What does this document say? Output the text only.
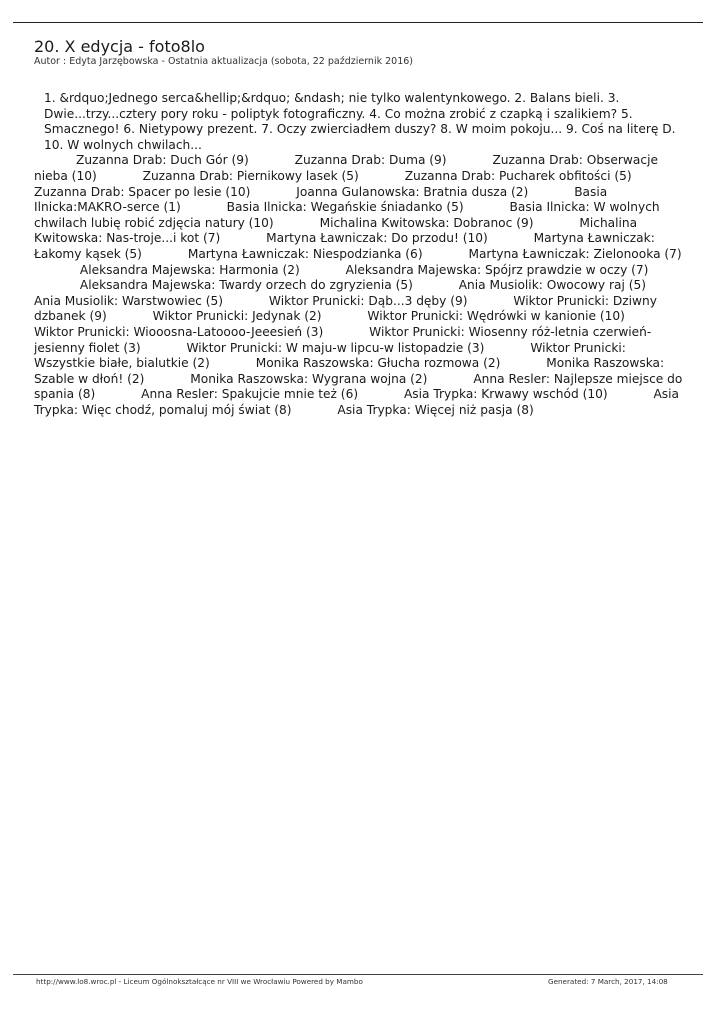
20. X edycja - foto8lo
Autor : Edyta Jarzębowska - Ostatnia aktualizacja (sobota, 22 październik 2016)

1. &rdquo;Jednego serca&hellip;&rdquo; &ndash; nie tylko walentynkowego. 2. Balans bieli. 3. Dwie...trzy...cztery pory roku - poliptyk fotograficzny. 4. Co można zrobić z czapką i szalikiem? 5. Smacznego! 6. Nietypowy prezent. 7. Oczy zwierciadłem duszy? 8. W moim pokoju... 9. Coś na literę D. 10. W wolnych chwilach...

Zuzanna Drab: Duch Gór (9)	Zuzanna Drab: Duma (9)	Zuzanna Drab: Obserwacje nieba (10)	Zuzanna Drab: Piernikowy lasek (5)	Zuzanna Drab: Pucharek obfitości (5) Zuzanna Drab: Spacer po lesie (10)	Joanna Gulanowska: Bratnia dusza (2)	Basia Ilnicka:MAKRO-serce (1)	Basia Ilnicka: Wegańskie śniadanko (5)	Basia Ilnicka: W wolnych chwilach lubię robić zdjęcia natury (10)	Michalina Kwitowska: Dobranoc (9)	Michalina Kwitowska: Nas-troje...i kot (7)	Martyna Ławniczak: Do przodu! (10)	Martyna Ławniczak: Łakomy kąsek (5)	Martyna Ławniczak: Niespodzianka (6)	Martyna Ławniczak: Zielonooka (7) Aleksandra Majewska: Harmonia (2)	Aleksandra Majewska: Spójrz prawdzie w oczy (7) Aleksandra Majewska: Twardy orzech do zgryzienia (5)	Ania Musiolik: Owocowy raj (5) Ania Musiolik: Warstwowiec (5)	Wiktor Prunicki: Dąb...3 dęby (9)	Wiktor Prunicki: Dziwny dzbanek (9)	Wiktor Prunicki: Jedynak (2)	Wiktor Prunicki: Wędrówki w kanionie (10) Wiktor Prunicki: Wiooosna-Latoooo-Jeeesień (3)	Wiktor Prunicki: Wiosenny róż-letnia czerwień-jesienny fiolet (3)	Wiktor Prunicki: W maju-w lipcu-w listopadzie (3)	Wiktor Prunicki: Wszystkie białe, bialutkie (2)	Monika Raszowska: Głucha rozmowa (2)	Monika Raszowska: Szable w dłoń! (2)	Monika Raszowska: Wygrana wojna (2)	Anna Resler: Najlepsze miejsce do spania (8)	Anna Resler: Spakujcie mnie też (6)	Asia Trypka: Krwawy wschód (10)	Asia Trypka: Więc chodź, pomaluj mój świat (8)	Asia Trypka: Więcej niż pasja (8)
http://www.lo8.wroc.pl - Liceum Ogólnokształcące nr VIII we Wrocławiu Powered by Mambo	Generated: 7 March, 2017, 14:08
